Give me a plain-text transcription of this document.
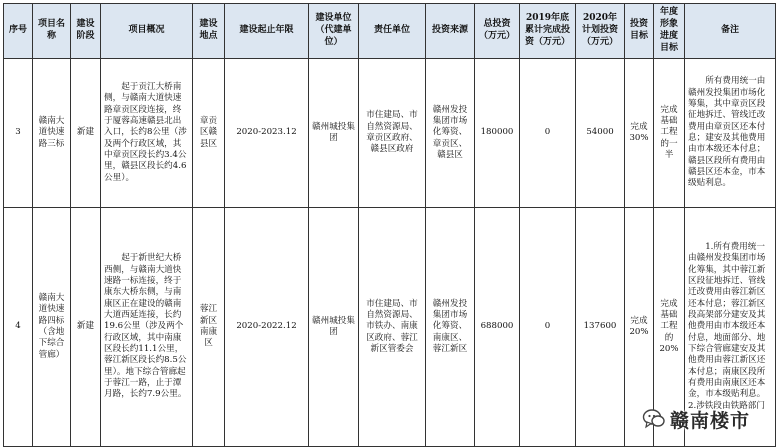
序号	项目名称	建设阶段	项目概况	建设地点	建设起止年限	建设单位（代建单位）	责任单位	投资来源	总投资（万元）	2019年底累计完成投资（万元）	2020年计划投资（万元）	投资目标	年度形象进度目标	备注
3	赣南大道快速路三标	新建	起于贡江大桥南侧，与赣南大道快速路章贡区段连接，终于厦蓉高速赣县北出入口，长约8公里（涉及两个行政区域，其中章贡区段长约3.4公里，赣县区段长约4.6公里）。	章贡区赣县区	2020-2023.12	赣州城投集团	市住建局、市自然资源局、章贡区政府、赣县区政府	赣州发投集团市场化筹资、章贡区、赣县区	180000	0	54000	完成30%	完成基础工程的一半	所有费用统一由赣州发投集团市场化筹集，其中章贡区段征地拆迁、管线迁改费用由章贡区还本付息；建安及其他费用由市本级还本付息；赣县区段所有费用由赣县区还本金，市本级贴利息。
4	赣南大道快速路四标（含地下综合管廊）	新建	起于新世纪大桥西侧，与赣南大道快速路一标连接，终于康东大桥东侧，与南康区正在建设的赣南大道西延连接，长约19.6公里（涉及两个行政区域，其中南康区段长约11.1公里，蓉江新区段长约8.5公里）。地下综合管廊起于蓉江一路，止于潭月路，长约7.9公里。	蓉江新区南康区	2020-2022.12	赣州城投集团	市住建局、市自然资源局、市铁办、南康区政府、蓉江新区管委会	赣州发投集团市场化筹资、南康区、蓉江新区	688000	0	137600	完成20%	完成基础工程的20%	1.所有费用统一由赣州发投集团市场化筹集，其中蓉江新区段征地拆迁、管线迁改费用由蓉江新区还本付息；蓉江新区段高架部分建安及其他费用由市本级还本付息，地面部分、地下综合管廊建安及其他费用由蓉江新区还本付息；南康区段所有费用由南康区还本金，市本级贴利息。 2.涉铁段由铁路部门
赣南楼市
